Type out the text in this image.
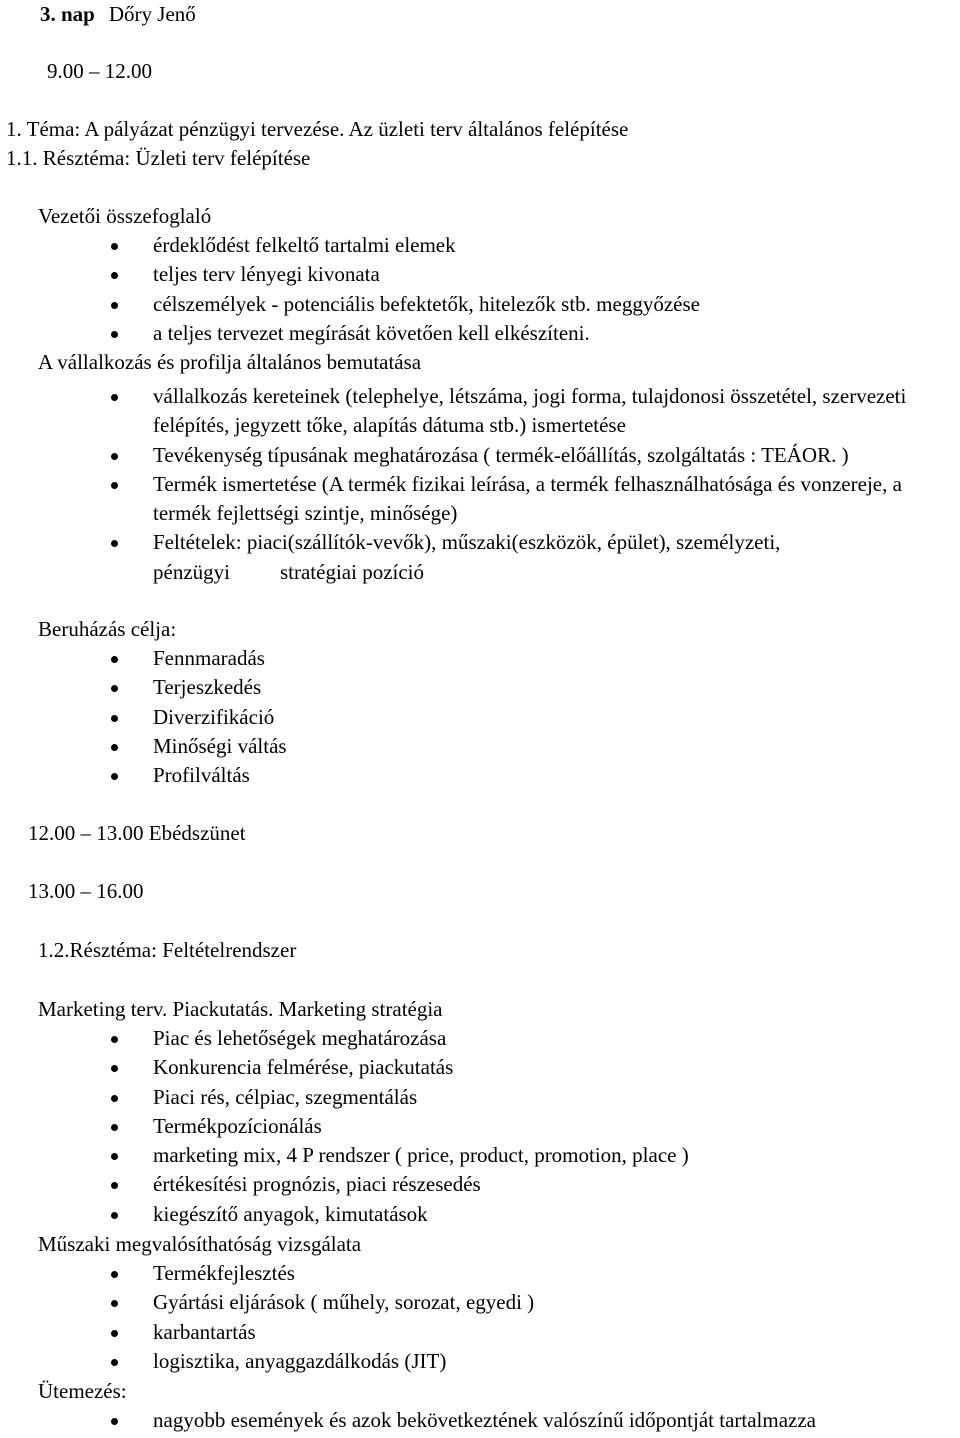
3. nap Dőry Jenő
9.00 – 12.00
1. Téma: A pályázat pénzügyi tervezése. Az üzleti terv általános felépítése
1.1. Résztéma: Üzleti terv felépítése
Vezetői összefoglaló
érdeklődést felkeltő tartalmi elemek
teljes terv lényegi kivonata
célszemélyek - potenciális befektetők, hitelezők stb. meggyőzése
a teljes tervezet megírását követően kell elkészíteni.
A vállalkozás és profilja általános bemutatása
vállalkozás kereteinek (telephelye, létszáma, jogi forma, tulajdonosi összetétel, szervezeti felépítés, jegyzett tőke, alapítás dátuma stb.) ismertetése
Tevékenység típusának meghatározása ( termék-előállítás, szolgáltatás : TEÁOR. )
Termék ismertetése (A termék fizikai leírása, a termék felhasználhatósága és vonzereje, a termék fejlettségi szintje, minősége)
Feltételek: piaci(szállítók-vevők), műszaki(eszközök, épület), személyzeti,
pénzügyi stratégiai pozíció
Beruházás célja:
Fennmaradás
Terjeszkedés
Diverzifikáció
Minőségi váltás
Profilváltás
12.00 – 13.00 Ebédszünet
13.00 – 16.00
1.2.Résztéma: Feltételrendszer
Marketing terv. Piackutatás. Marketing stratégia
Piac és lehetőségek meghatározása
Konkurencia felmérése, piackutatás
Piaci rés, célpiac, szegmentálás
Termékpozícionálás
marketing mix, 4 P rendszer ( price, product, promotion, place )
értékesítési prognózis, piaci részesedés
kiegészítő anyagok, kimutatások
Műszaki megvalósíthatóság vizsgálata
Termékfejlesztés
Gyártási eljárások ( műhely, sorozat, egyedi )
karbantartás
logisztika, anyaggazdálkodás (JIT)
Ütemezés:
nagyobb események és azok bekövetkeztének valószínű időpontját tartalmazza
